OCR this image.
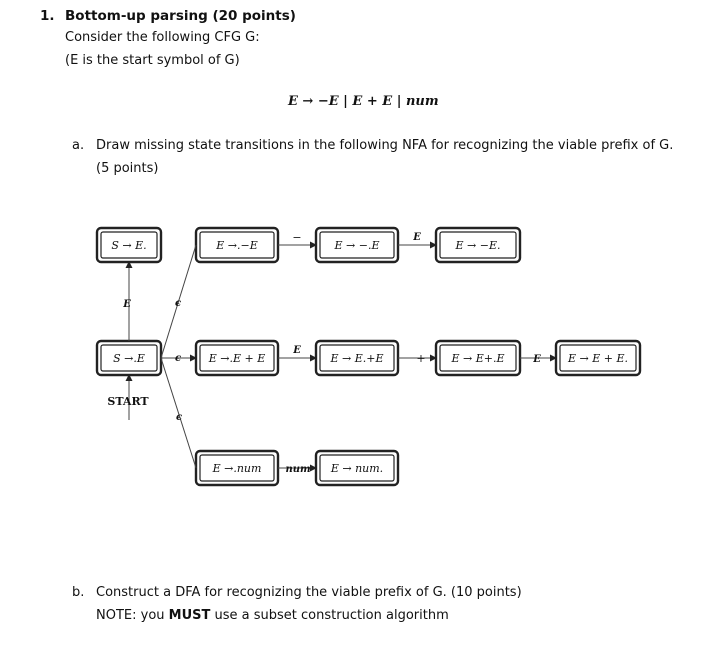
1. Bottom-up parsing (20 points)
Consider the following CFG G:
(E is the start symbol of G)
E → −E | E + E | num
a. Draw missing state transitions in the following NFA for recognizing the viable prefix of G.
(5 points)
S → E.	E →.−E	E → −.E	E → −E.
S →.E	E →.E + E	E → E.+E	E → E+.E	E → E + E.
E →.num	E → num.
−	E
E	ϵ
ϵ
ϵ
E
+	E
num
START
b. Construct a DFA for recognizing the viable prefix of G. (10 points)
NOTE: you MUST use a subset construction algorithm
